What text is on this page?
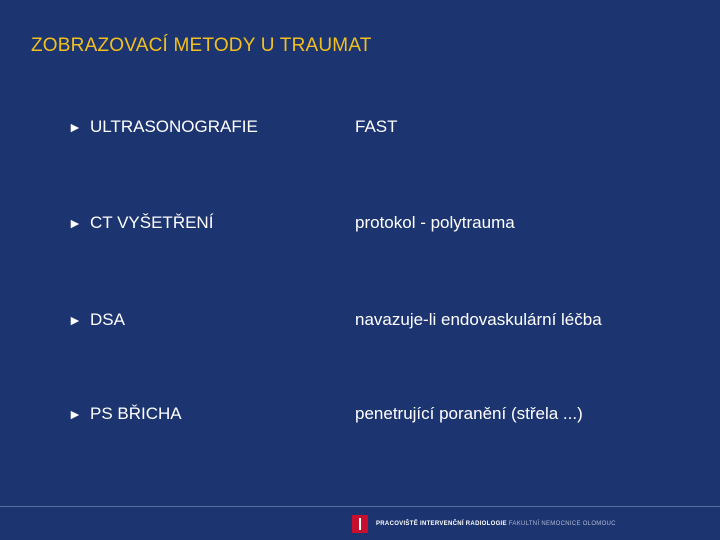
ZOBRAZOVACÍ METODY U TRAUMAT
► ULTRASONOGRAFIE	FAST
► CT VYŠETŘENÍ	protokol - polytrauma
► DSA	navazuje-li endovaskulární léčba
► PS BŘICHA	penetrující poranění (střela ...)
PRACOVIŠTĚ INTERVENČNÍ RADIOLOGIE FAKULTNÍ NEMOCNICE OLOMOUC
